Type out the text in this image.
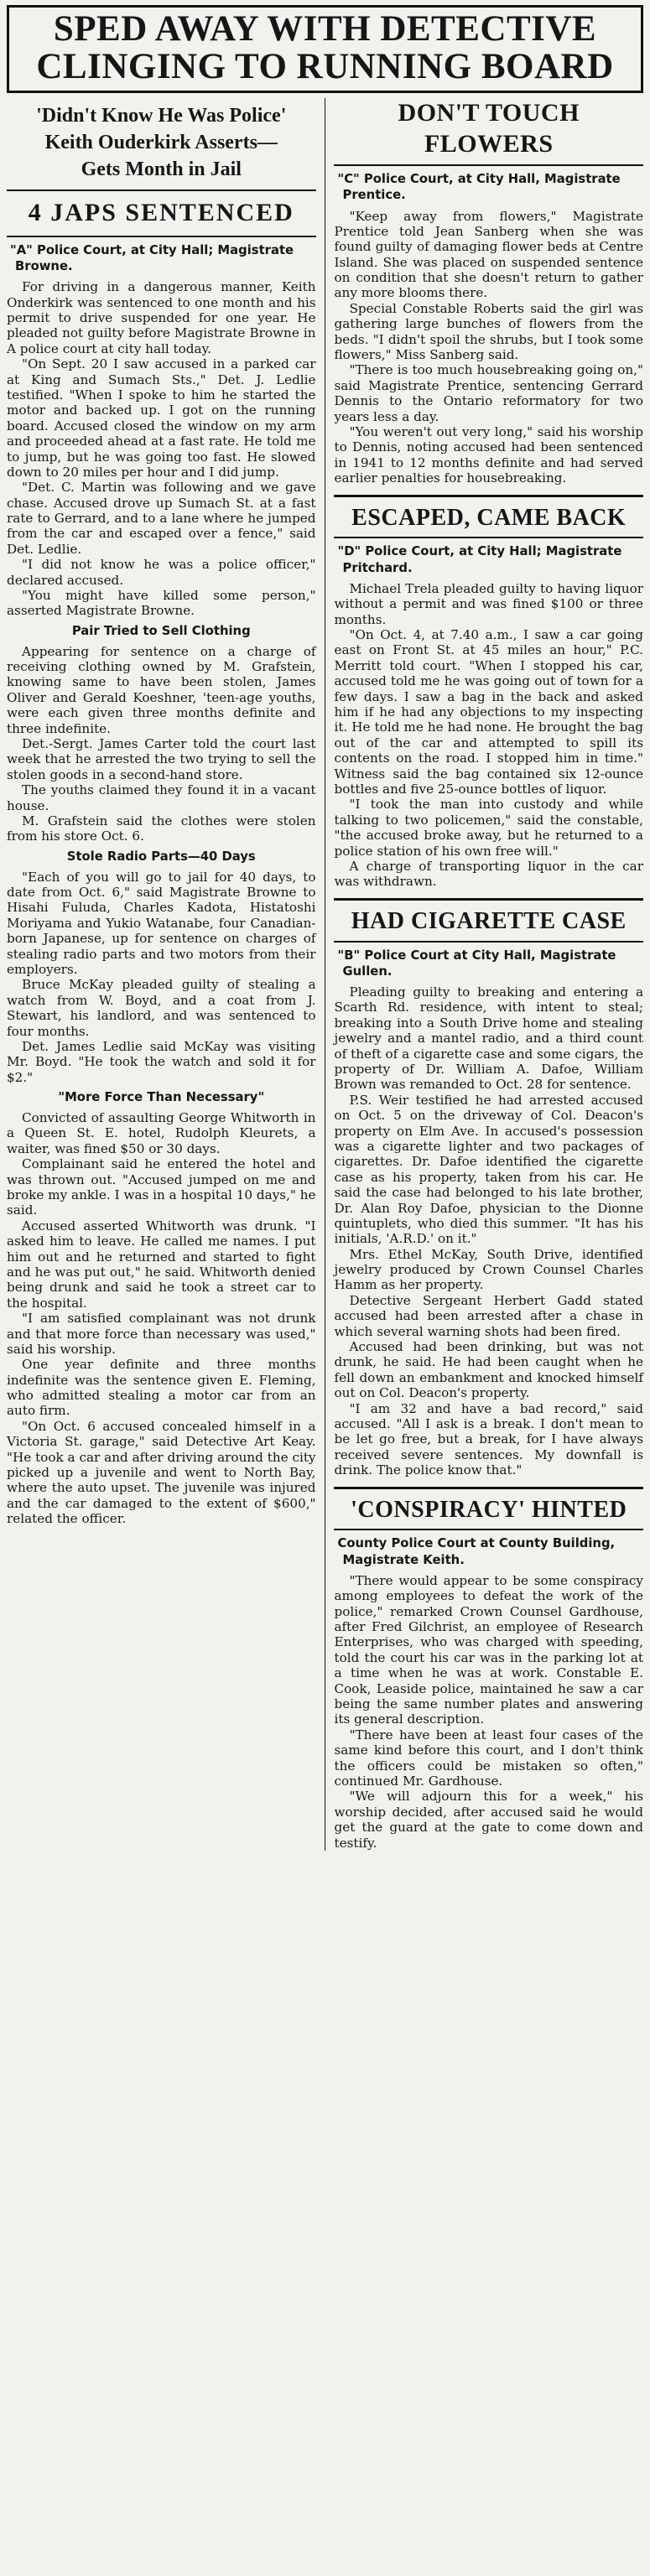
SPED AWAY WITH DETECTIVE
CLINGING TO RUNNING BOARD
'Didn't Know He Was Police'
Keith Ouderkirk Asserts—
Gets Month in Jail
4 JAPS SENTENCED
"A" Police Court, at City Hall; Magistrate Browne.

For driving in a dangerous manner, Keith Onderkirk was sentenced to one month and his permit to drive suspended for one year. He pleaded not guilty before Magistrate Browne in A police court at city hall today.

"On Sept. 20 I saw accused in a parked car at King and Sumach Sts.," Det. J. Ledlie testified. "When I spoke to him he started the motor and backed up. I got on the running board. Accused closed the window on my arm and proceeded ahead at a fast rate. He told me to jump, but he was going too fast. He slowed down to 20 miles per hour and I did jump.

"Det. C. Martin was following and we gave chase. Accused drove up Sumach St. at a fast rate to Gerrard, and to a lane where he jumped from the car and escaped over a fence," said Det. Ledlie.

"I did not know he was a police officer," declared accused.

"You might have killed some person," asserted Magistrate Browne.

Pair Tried to Sell Clothing

Appearing for sentence on a charge of receiving clothing owned by M. Grafstein, knowing same to have been stolen, James Oliver and Gerald Koeshner, 'teen-age youths, were each given three months definite and three indefinite.

Det.-Sergt. James Carter told the court last week that he arrested the two trying to sell the stolen goods in a second-hand store.

The youths claimed they found it in a vacant house.

M. Grafstein said the clothes were stolen from his store Oct. 6.

Stole Radio Parts—40 Days

"Each of you will go to jail for 40 days, to date from Oct. 6," said Magistrate Browne to Hisahi Fuluda, Charles Kadota, Histatoshi Moriyama and Yukio Watanabe, four Canadian-born Japanese, up for sentence on charges of stealing radio parts and two motors from their employers.

Bruce McKay pleaded guilty of stealing a watch from W. Boyd, and a coat from J. Stewart, his landlord, and was sentenced to four months.

Det. James Ledlie said McKay was visiting Mr. Boyd. "He took the watch and sold it for $2."

"More Force Than Necessary"

Convicted of assaulting George Whitworth in a Queen St. E. hotel, Rudolph Kleurets, a waiter, was fined $50 or 30 days.

Complainant said he entered the hotel and was thrown out. "Accused jumped on me and broke my ankle. I was in a hospital 10 days," he said.

Accused asserted Whitworth was drunk. "I asked him to leave. He called me names. I put him out and he returned and started to fight and he was put out," he said. Whitworth denied being drunk and said he took a street car to the hospital.

"I am satisfied complainant was not drunk and that more force than necessary was used," said his worship.

One year definite and three months indefinite was the sentence given E. Fleming, who admitted stealing a motor car from an auto firm.

"On Oct. 6 accused concealed himself in a Victoria St. garage," said Detective Art Keay. "He took a car and after driving around the city picked up a juvenile and went to North Bay, where the auto upset. The juvenile was injured and the car damaged to the extent of $600," related the officer.

DON'T TOUCH FLOWERS
"C" Police Court, at City Hall, Magistrate Prentice.

"Keep away from flowers," Magistrate Prentice told Jean Sanberg when she was found guilty of damaging flower beds at Centre Island. She was placed on suspended sentence on condition that she doesn't return to gather any more blooms there.

Special Constable Roberts said the girl was gathering large bunches of flowers from the beds. "I didn't spoil the shrubs, but I took some flowers," Miss Sanberg said.

"There is too much housebreaking going on," said Magistrate Prentice, sentencing Gerrard Dennis to the Ontario reformatory for two years less a day.

"You weren't out very long," said his worship to Dennis, noting accused had been sentenced in 1941 to 12 months definite and had served earlier penalties for housebreaking.

ESCAPED, CAME BACK
"D" Police Court, at City Hall; Magistrate Pritchard.

Michael Trela pleaded guilty to having liquor without a permit and was fined $100 or three months.

"On Oct. 4, at 7.40 a.m., I saw a car going east on Front St. at 45 miles an hour," P.C. Merritt told court. "When I stopped his car, accused told me he was going out of town for a few days. I saw a bag in the back and asked him if he had any objections to my inspecting it. He told me he had none. He brought the bag out of the car and attempted to spill its contents on the road. I stopped him in time." Witness said the bag contained six 12-ounce bottles and five 25-ounce bottles of liquor.

"I took the man into custody and while talking to two policemen," said the constable, "the accused broke away, but he returned to a police station of his own free will."

A charge of transporting liquor in the car was withdrawn.

HAD CIGARETTE CASE
"B" Police Court at City Hall, Magistrate Gullen.

Pleading guilty to breaking and entering a Scarth Rd. residence, with intent to steal; breaking into a South Drive home and stealing jewelry and a mantel radio, and a third count of theft of a cigarette case and some cigars, the property of Dr. William A. Dafoe, William Brown was remanded to Oct. 28 for sentence.

P.S. Weir testified he had arrested accused on Oct. 5 on the driveway of Col. Deacon's property on Elm Ave. In accused's possession was a cigarette lighter and two packages of cigarettes. Dr. Dafoe identified the cigarette case as his property, taken from his car. He said the case had belonged to his late brother, Dr. Alan Roy Dafoe, physician to the Dionne quintuplets, who died this summer. "It has his initials, 'A.R.D.' on it."

Mrs. Ethel McKay, South Drive, identified jewelry produced by Crown Counsel Charles Hamm as her property.

Detective Sergeant Herbert Gadd stated accused had been arrested after a chase in which several warning shots had been fired.

Accused had been drinking, but was not drunk, he said. He had been caught when he fell down an embankment and knocked himself out on Col. Deacon's property.

"I am 32 and have a bad record," said accused. "All I ask is a break. I don't mean to be let go free, but a break, for I have always received severe sentences. My downfall is drink. The police know that."

'CONSPIRACY' HINTED
County Police Court at County Building, Magistrate Keith.

"There would appear to be some conspiracy among employees to defeat the work of the police," remarked Crown Counsel Gardhouse, after Fred Gilchrist, an employee of Research Enterprises, who was charged with speeding, told the court his car was in the parking lot at a time when he was at work. Constable E. Cook, Leaside police, maintained he saw a car being the same number plates and answering its general description.

"There have been at least four cases of the same kind before this court, and I don't think the officers could be mistaken so often," continued Mr. Gardhouse.

"We will adjourn this for a week," his worship decided, after accused said he would get the guard at the gate to come down and testify.
